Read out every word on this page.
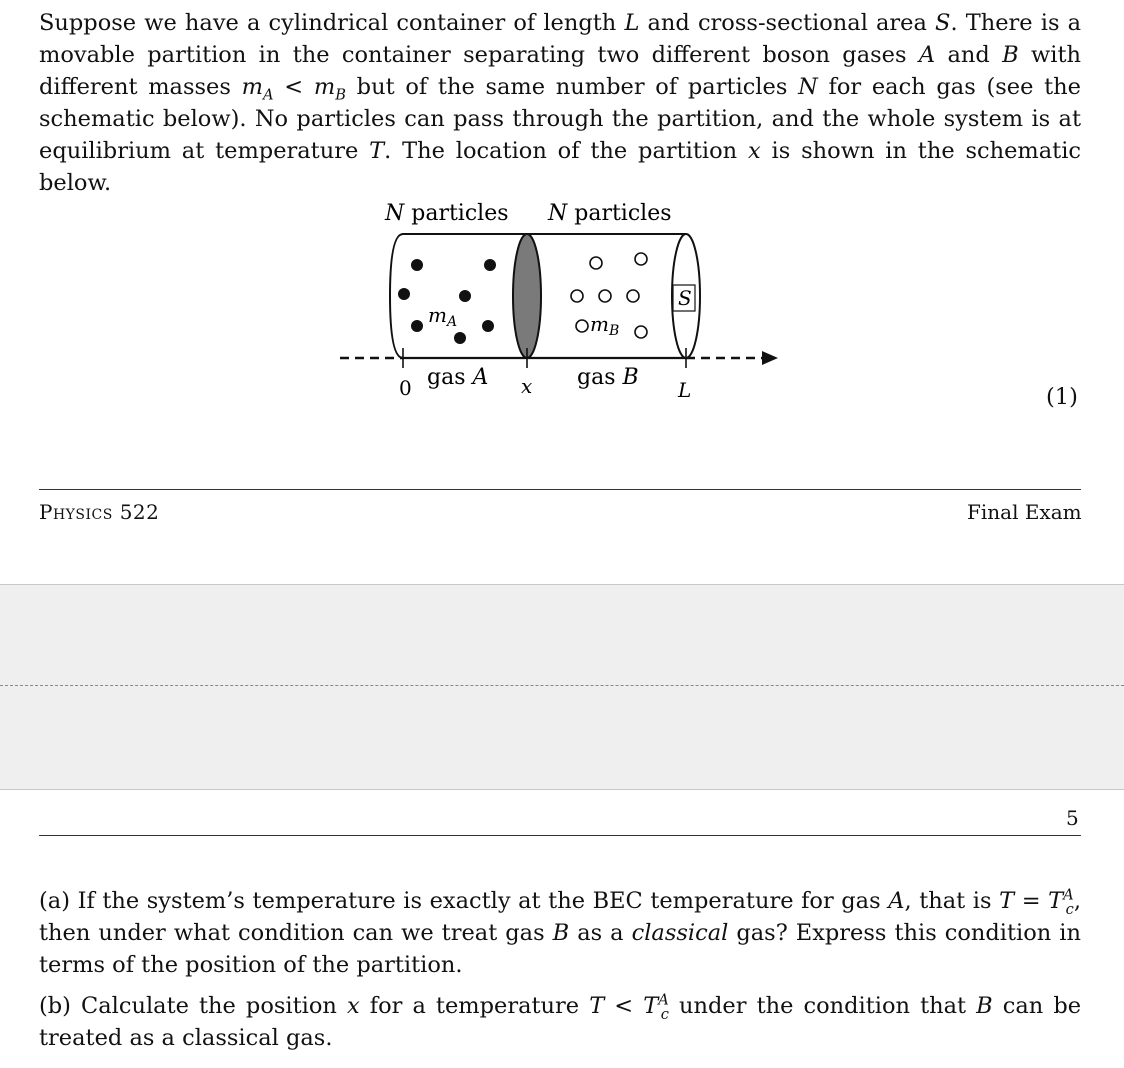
Suppose we have a cylindrical container of length L and cross-sectional area S. There is a movable partition in the container separating two different boson gases A and B with different masses $m_A < m_B$ but of the same number of particles N for each gas (see the schematic below). No particles can pass through the partition, and the whole system is at equilibrium at temperature T. The location of the partition x is shown in the schematic below.

N particles N particles
$m_A$	$m_B$
S
0	x	L
gas A	gas B
(1)
Physics 522	Final Exam
5

(a) If the system’s temperature is exactly at the BEC temperature for gas A, that is $T = T^A_c$, then under what condition can we treat gas B as a classical gas? Express this condition in terms of the position of the partition.

(b) Calculate the position x for a temperature $T < T^A_c$ under the condition that B can be treated as a classical gas.
